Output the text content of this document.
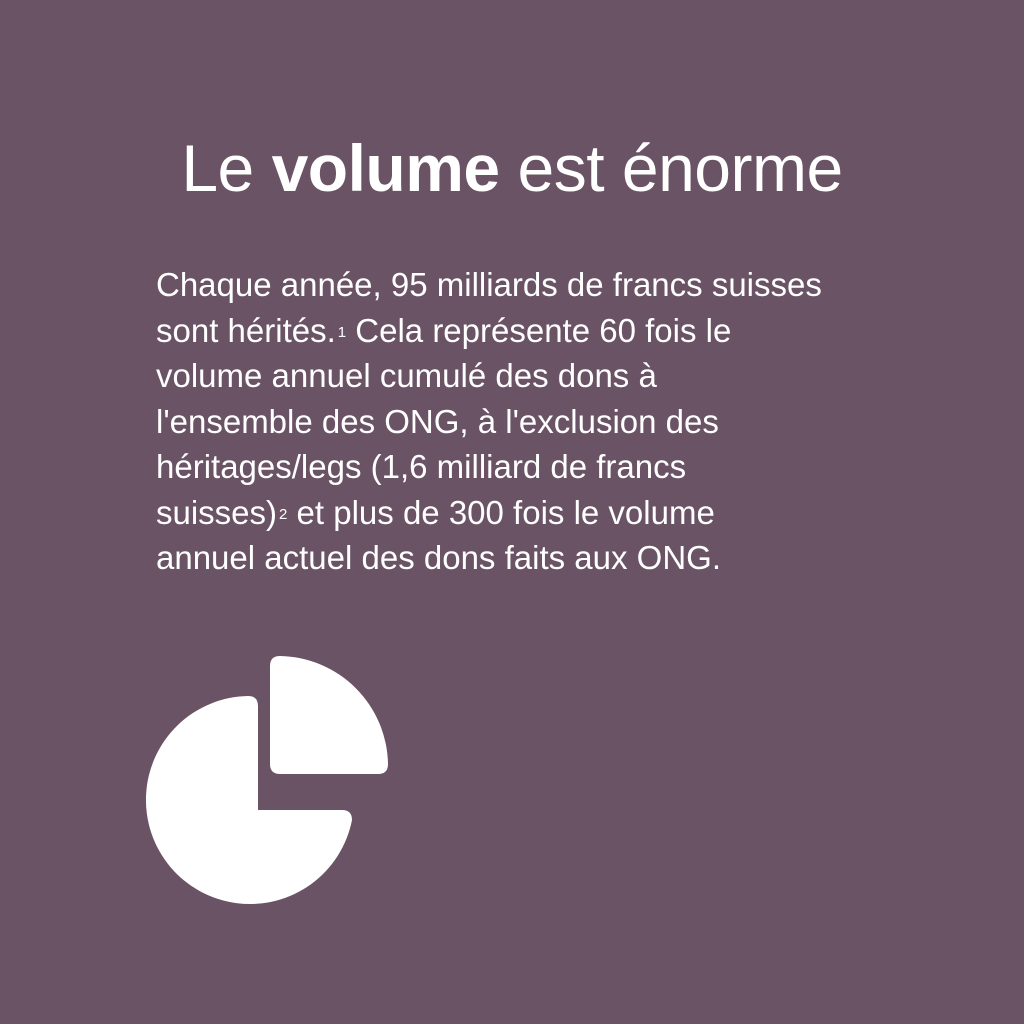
Le volume est énorme
Chaque année, 95 milliards de francs suisses
sont hérités. $^1$ Cela représente 60 fois le
volume annuel cumulé des dons à
l'ensemble des ONG, à l'exclusion des
héritages/legs (1,6 milliard de francs
suisses) $^2$ et plus de 300 fois le volume
annuel actuel des dons faits aux ONG.
